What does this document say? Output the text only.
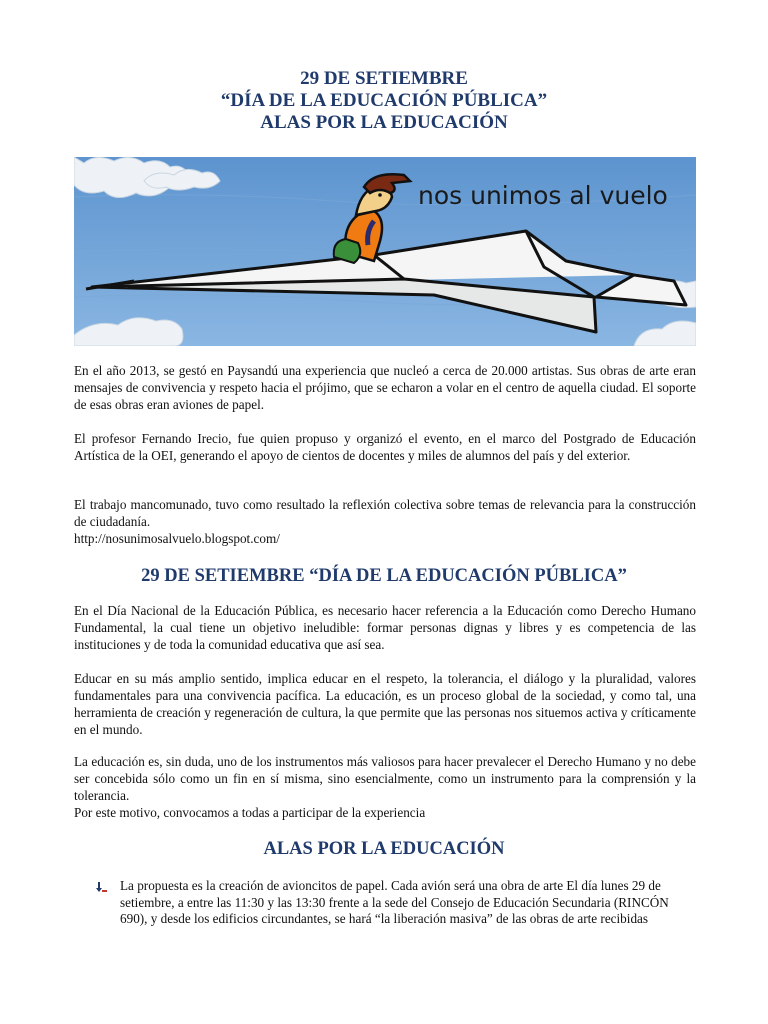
29 DE SETIEMBRE
“DÍA DE LA EDUCACIÓN PÚBLICA”
ALAS POR LA EDUCACIÓN
nos unimos al vuelo

En el año 2013, se gestó en Paysandú una experiencia que nucleó a cerca de 20.000 artistas. Sus obras de arte eran mensajes de convivencia y respeto hacia el prójimo, que se echaron a volar en el centro de aquella ciudad. El soporte de esas obras eran aviones de papel.

El profesor Fernando Irecio, fue quien propuso y organizó el evento, en el marco del Postgrado de Educación Artística de la OEI, generando el apoyo de cientos de docentes y miles de alumnos del país y del exterior.

El trabajo mancomunado, tuvo como resultado la reflexión colectiva sobre temas de relevancia para la construcción de ciudadanía.

http://nosunimosalvuelo.blogspot.com/

29 DE SETIEMBRE “DÍA DE LA EDUCACIÓN PÚBLICA”

En el Día Nacional de la Educación Pública, es necesario hacer referencia a la Educación como Derecho Humano Fundamental, la cual tiene un objetivo ineludible: formar personas dignas y libres y es competencia de las instituciones y de toda la comunidad educativa que así sea.

Educar en su más amplio sentido, implica educar en el respeto, la tolerancia, el diálogo y la pluralidad, valores fundamentales para una convivencia pacífica. La educación, es un proceso global de la sociedad, y como tal, una herramienta de creación y regeneración de cultura, la que permite que las personas nos situemos activa y críticamente en el mundo.

La educación es, sin duda, uno de los instrumentos más valiosos para hacer prevalecer el Derecho Humano y no debe ser concebida sólo como un fin en sí misma, sino esencialmente, como un instrumento para la comprensión y la tolerancia.

Por este motivo, convocamos a todas a participar de la experiencia

ALAS POR LA EDUCACIÓN
La propuesta es la creación de avioncitos de papel. Cada avión será una obra de arte El día lunes 29 de setiembre, a entre las 11:30 y las 13:30 frente a la sede del Consejo de Educación Secundaria (RINCÓN 690), y desde los edificios circundantes, se hará “la liberación masiva” de las obras de arte recibidas
